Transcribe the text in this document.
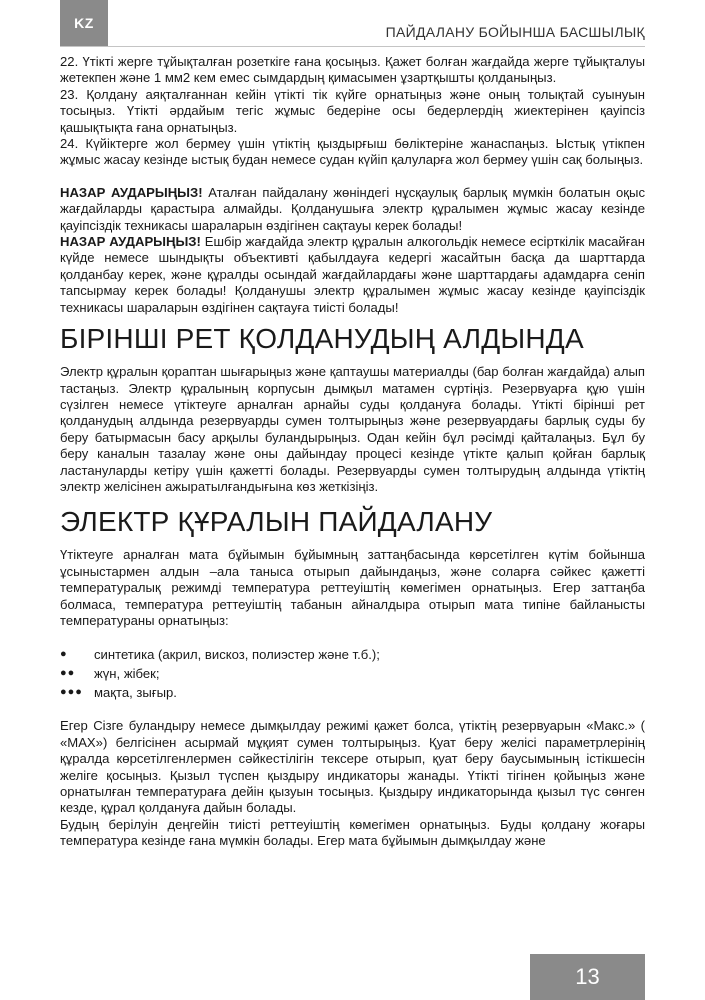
KZ
ПАЙДАЛАНУ БОЙЫНША БАСШЫЛЫҚ

22. Үтікті жерге тұйықталған розеткіге ғана қосыңыз. Қажет болған жағдайда жерге тұйықталуы жетекпен және 1 мм2 кем емес сымдардың қимасымен ұзартқышты қолданыңыз.

23. Қолдану аяқталғаннан кейін үтікті тік күйге орнатыңыз және оның толықтай суынуын тосыңыз. Үтікті әрдайым тегіс жұмыс бедеріне осы бедерлердің жиектерінен қауіпсіз қашықтықта ғана орнатыңыз.

24. Күйіктерге жол бермеу үшін үтіктің қыздырғыш бөліктеріне жанаспаңыз. Ыстық үтікпен жұмыс жасау кезінде ыстық будан немесе судан күйіп қалуларға жол бермеу үшін сақ болыңыз.

НАЗАР АУДАРЫҢЫЗ! Аталған пайдалану жөніндегі нұсқаулық барлық мүмкін болатын оқыс жағдайларды қарастыра алмайды. Қолданушыға электр құралымен жұмыс жасау кезінде қауіпсіздік техникасы шараларын өздігінен сақтауы керек болады!

НАЗАР АУДАРЫҢЫЗ! Ешбір жағдайда электр құралын алкогольдік немесе есірткілік масайған күйде немесе шындықты объективті қабылдауға кедергі жасайтын басқа да шарттарда қолданбау керек, және құралды осындай жағдайлардағы және шарттардағы адамдарға сеніп тапсырмау керек болады! Қолданушы электр құралымен жұмыс жасау кезінде қауіпсіздік техникасы шараларын өздігінен сақтауға тиісті болады!

БІРІНШІ РЕТ ҚОЛДАНУДЫҢ АЛДЫНДА

Электр құралын қораптан шығарыңыз және қаптаушы материалды (бар болған жағдайда) алып тастаңыз. Электр құралының корпусын дымқыл матамен сүртіңіз. Резервуарға құю үшін сүзілген немесе үтіктеуге арналған арнайы суды қолдануға болады. Үтікті бірінші рет қолданудың алдында резервуарды сумен толтырыңыз және резервуардағы барлық суды бу беру батырмасын басу арқылы буландырыңыз. Одан кейін бұл рәсімді қайталаңыз. Бұл бу беру каналын тазалау және оны дайындау процесі кезінде үтікте қалып қойған барлық ластануларды кетіру үшін қажетті болады. Резервуарды сумен толтырудың алдында үтіктің электр желісінен ажыратылғандығына көз жеткізіңіз.

ЭЛЕКТР ҚҰРАЛЫН ПАЙДАЛАНУ

Үтіктеуге арналған мата бұйымын бұйымның заттаңбасында көрсетілген күтім бойынша ұсыныстармен алдын –ала таныса отырып дайындаңыз, және соларға сәйкес қажетті температуралық режимді температура реттеуіштің көмегімен орнатыңыз. Егер заттаңба болмаса, температура реттеуіштің табанын айналдыра отырып мата типіне байланысты температураны орнатыңыз:

●	синтетика (акрил, вискоз, полиэстер және т.б.);
●●	жүн, жібек;
●●● мақта, зығыр.

Егер Сізге буландыру немесе дымқылдау режимі қажет болса, үтіктің резервуарын «Макс.» ( «MAX») белгісінен асырмай мұқият сумен толтырыңыз. Қуат беру желісі параметрлерінің құралда көрсетілгенлермен сәйкестілігін тексере отырып, қуат беру баусымының істікшесін желіге қосыңыз. Қызыл түспен қыздыру индикаторы жанады. Үтікті тігінен қойыңыз және орнатылған температураға дейін қызуын тосыңыз. Қыздыру индикаторында қызыл түс сөнген кезде, құрал қолдануға дайын болады.

Будың берілуін деңгейін тиісті реттеуіштің көмегімен орнатыңыз. Буды қолдану жоғары температура кезінде ғана мүмкін болады. Егер мата бұйымын дымқылдау және

13
